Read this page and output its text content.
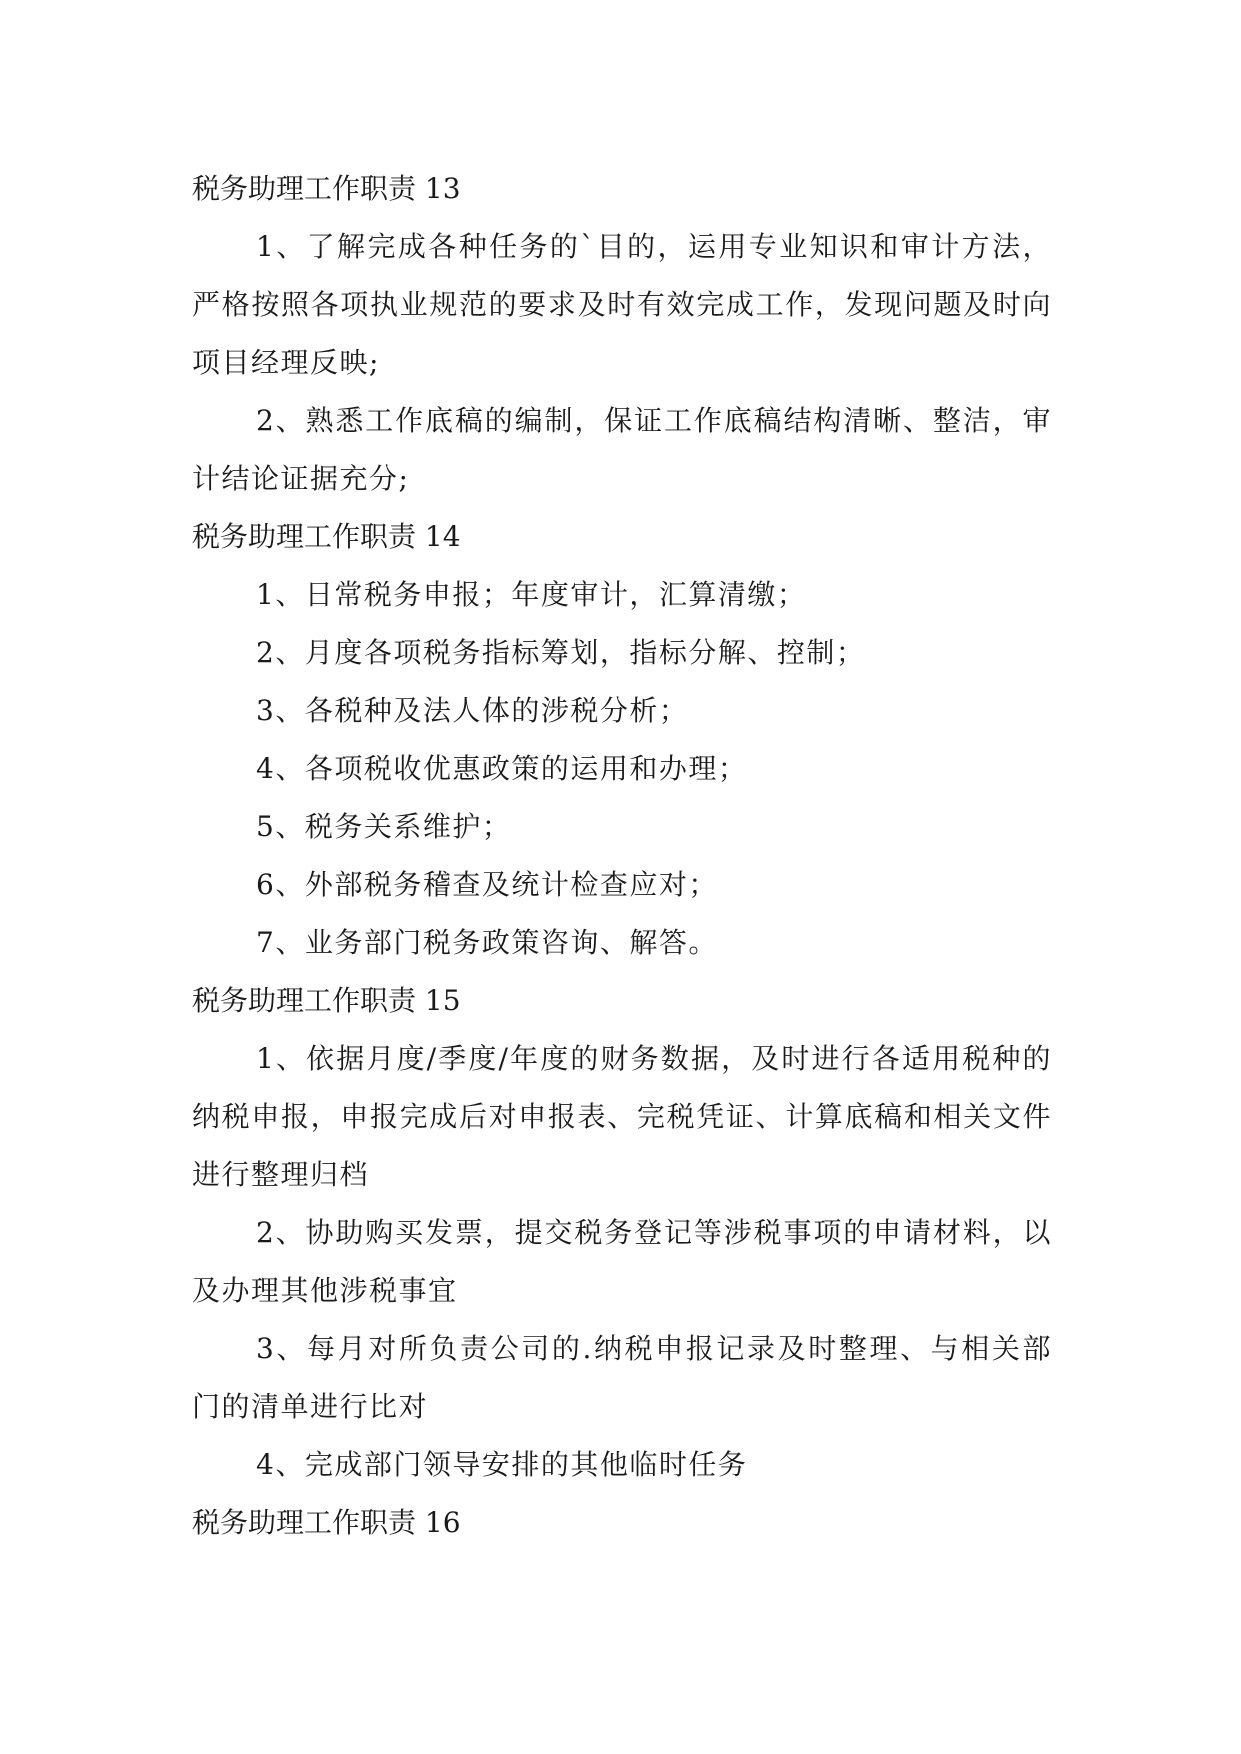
税务助理工作职责 13

1、了解完成各种任务的`目的，运用专业知识和审计方法，严格按照各项执业规范的要求及时有效完成工作，发现问题及时向项目经理反映;

2、熟悉工作底稿的编制，保证工作底稿结构清晰、整洁，审计结论证据充分;

税务助理工作职责 14

1、日常税务申报；年度审计，汇算清缴；

2、月度各项税务指标筹划，指标分解、控制；

3、各税种及法人体的涉税分析；

4、各项税收优惠政策的运用和办理；

5、税务关系维护；

6、外部税务稽查及统计检查应对；

7、业务部门税务政策咨询、解答。

税务助理工作职责 15

1、依据月度/季度/年度的财务数据，及时进行各适用税种的纳税申报，申报完成后对申报表、完税凭证、计算底稿和相关文件进行整理归档

2、协助购买发票，提交税务登记等涉税事项的申请材料，以及办理其他涉税事宜

3、每月对所负责公司的.纳税申报记录及时整理、与相关部门的清单进行比对

4、完成部门领导安排的其他临时任务

税务助理工作职责 16
